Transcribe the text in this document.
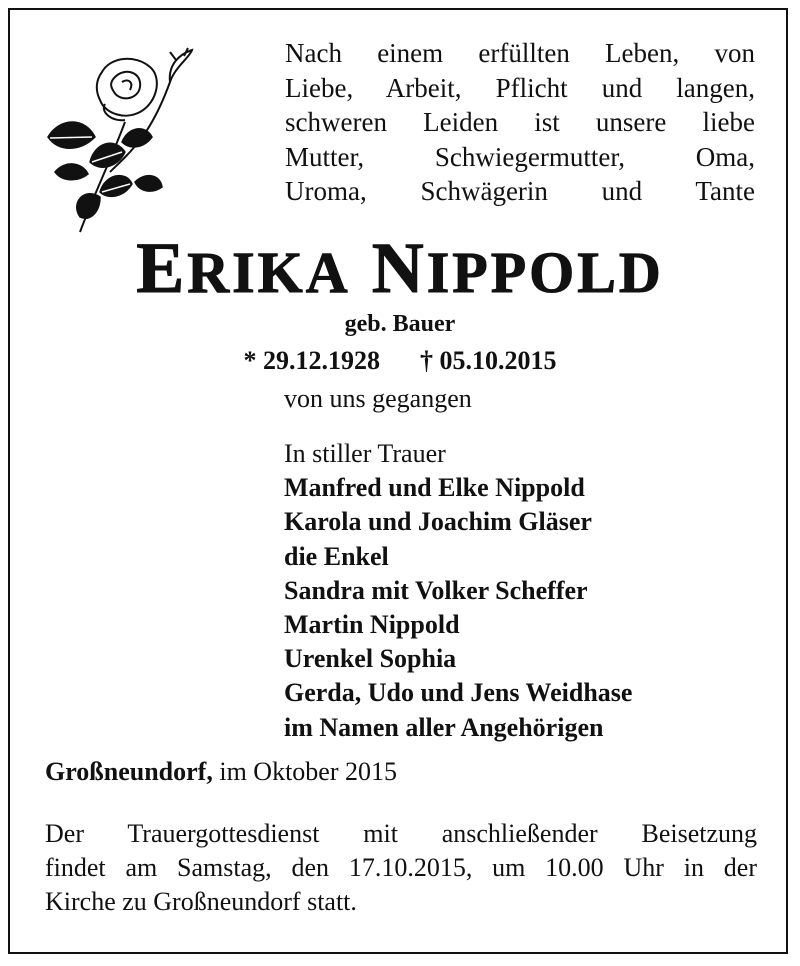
Nach einem erfüllten Leben, von
Liebe, Arbeit, Pflicht und langen,
schweren Leiden ist unsere liebe
Mutter, Schwiegermutter, Oma,
Uroma, Schwägerin und Tante
ERIKA NIPPOLD
geb. Bauer
* 29.12.1928 † 05.10.2015
von uns gegangen
In stiller Trauer
Manfred und Elke Nippold
Karola und Joachim Gläser
die Enkel
Sandra mit Volker Scheffer
Martin Nippold
Urenkel Sophia
Gerda, Udo und Jens Weidhase
im Namen aller Angehörigen
Großneundorf, im Oktober 2015
Der Trauergottesdienst mit anschließender Beisetzung
findet am Samstag, den 17.10.2015, um 10.00 Uhr in der
Kirche zu Großneundorf statt.
